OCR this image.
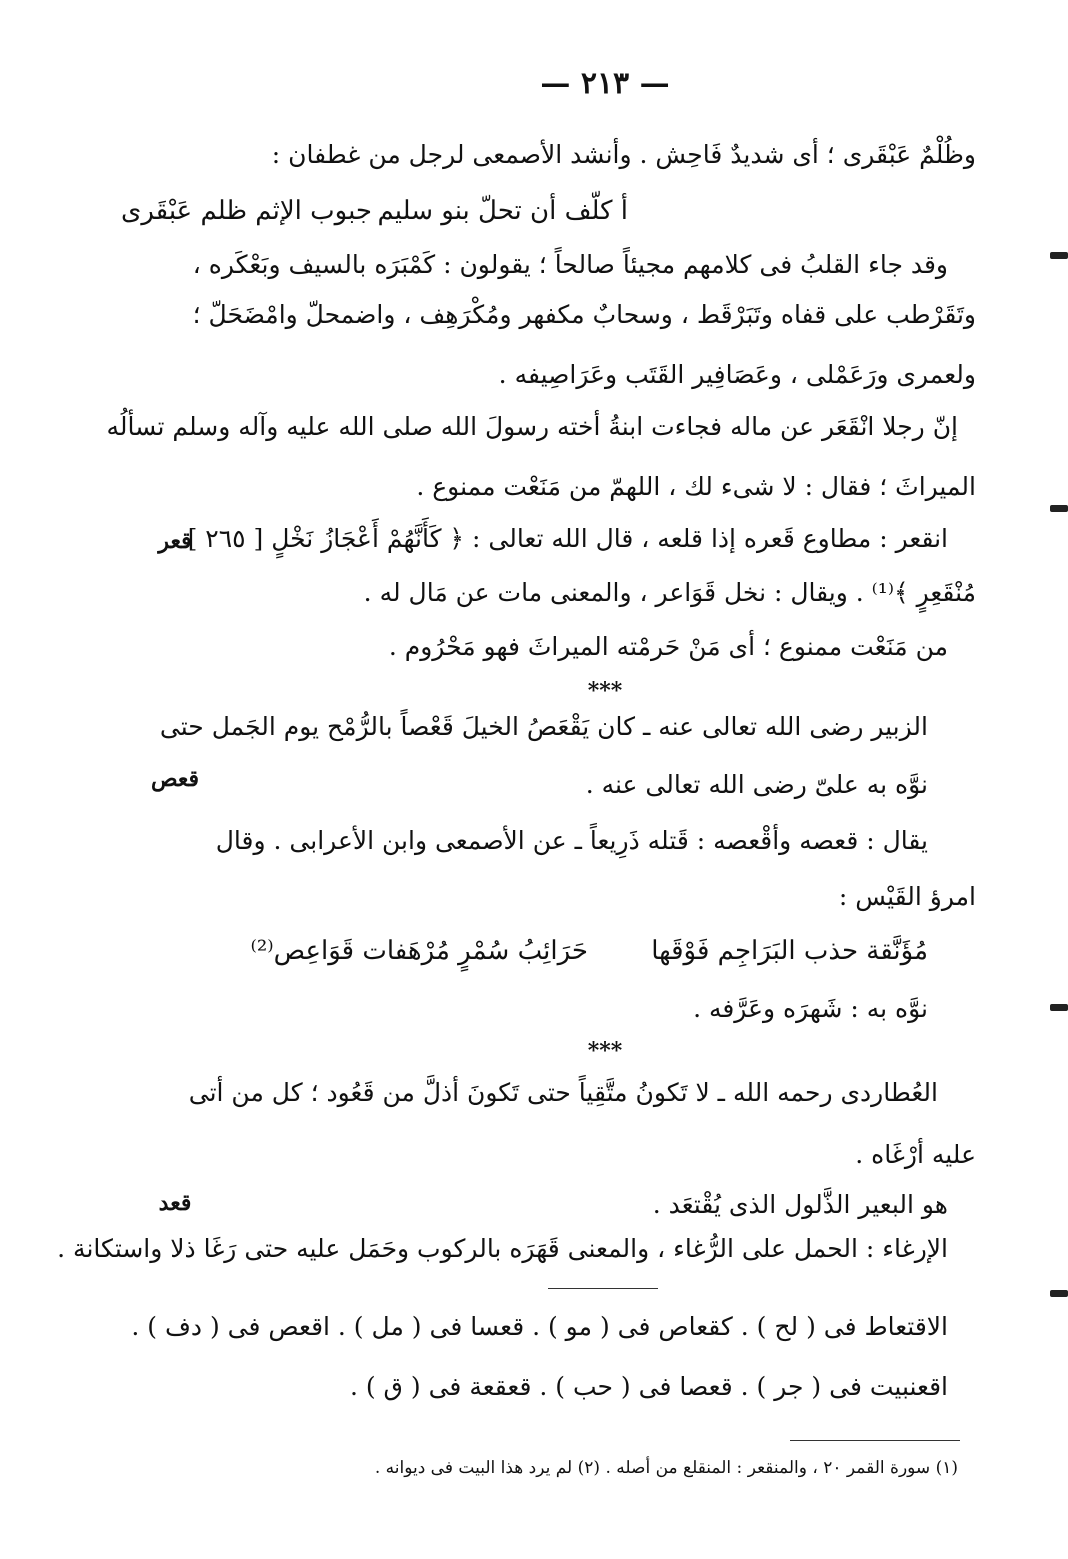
— ٢١٣ —
وظُلْمٌ عَبْقَرى ؛ أى شديدٌ فَاحِش . وأنشد الأصمعى لرجل من غطفان :
أ كلّف أن تحلّ بنو سليم
جبوب الإثم ظلم عَبْقَرى
وقد جاء القلبُ فى كلامهم مجيئاً صالحاً ؛ يقولون : كَمْبَرَه بالسيف وبَعْكَره ،
وتَقَرْطب على قفاه وتَبَرْقَط ، وسحابٌ مكفهر ومُكْرَهِف ، واضمحلّ وامْضَحَلّ ؛
ولعمرى ورَعَمْلى ، وعَصَافِير القَتَب وعَرَاصِيفه .
إنّ رجلا انْقَعَر عن ماله فجاءت ابنةُ أخته رسولَ الله صلى الله عليه وآله وسلم تسألُه
الميراثَ ؛ فقال : لا شىء لك ، اللهمّ من مَنَعْت ممنوع .
قعر
انقعر : مطاوع قَعره إذا قلعه ، قال الله تعالى : ﴿ كَأَنَّهُمْ أَعْجَازُ نَخْلٍ [ ٢٦٥ ]
مُنْقَعِرٍ ﴾⁽¹⁾ . ويقال : نخل قَوَاعر ، والمعنى مات عن مَال له .
من مَنَعْت ممنوع ؛ أى مَنْ حَرمْته الميراثَ فهو مَحْرُوم .
***
الزبير رضى الله تعالى عنه ـ كان يَقْعَصُ الخيلَ قَعْصاً بالرُّمْح يوم الجَمل حتى
قعص	نوَّه به علىّ رضى الله تعالى عنه .
يقال : قعصه وأقْعصه : قَتله ذَرِيعاً ـ عن الأصمعى وابن الأعرابى . وقال
امرؤ القَيْس :
مُؤَنَّقة حذب البَرَاجِم فَوْقَها
حَرَائِبُ سُمْرٍ مُرْهَفات قَوَاعِص⁽²⁾
نوَّه به : شَهرَه وعَرَّفه .
***
العُطاردى رحمه الله ـ لا تَكونُ متَّقِياً حتى تَكونَ أذلَّ من قَعُود ؛ كل من أتى
عليه أرْغَاه .
قعد	هو البعير الذَّلول الذى يُقْتعَد .
الإرغاء : الحمل على الرُّغاء ، والمعنى قَهَرَه بالركوب وحَمَل عليه حتى رَغَا ذلا واستكانة .
الاقتعاط فى ( لح ) . كقعاص فى ( مو ) . قعسا فى ( مل ) . اقعص فى ( دف ) .
اقعنبيت فى ( جر ) . قعصا فى ( حب ) . قعقعة فى ( ق ) .
(١) سورة القمر ٢٠ ، والمنقعر : المنقلع من أصله . (٢) لم يرد هذا البيت فى ديوانه .
